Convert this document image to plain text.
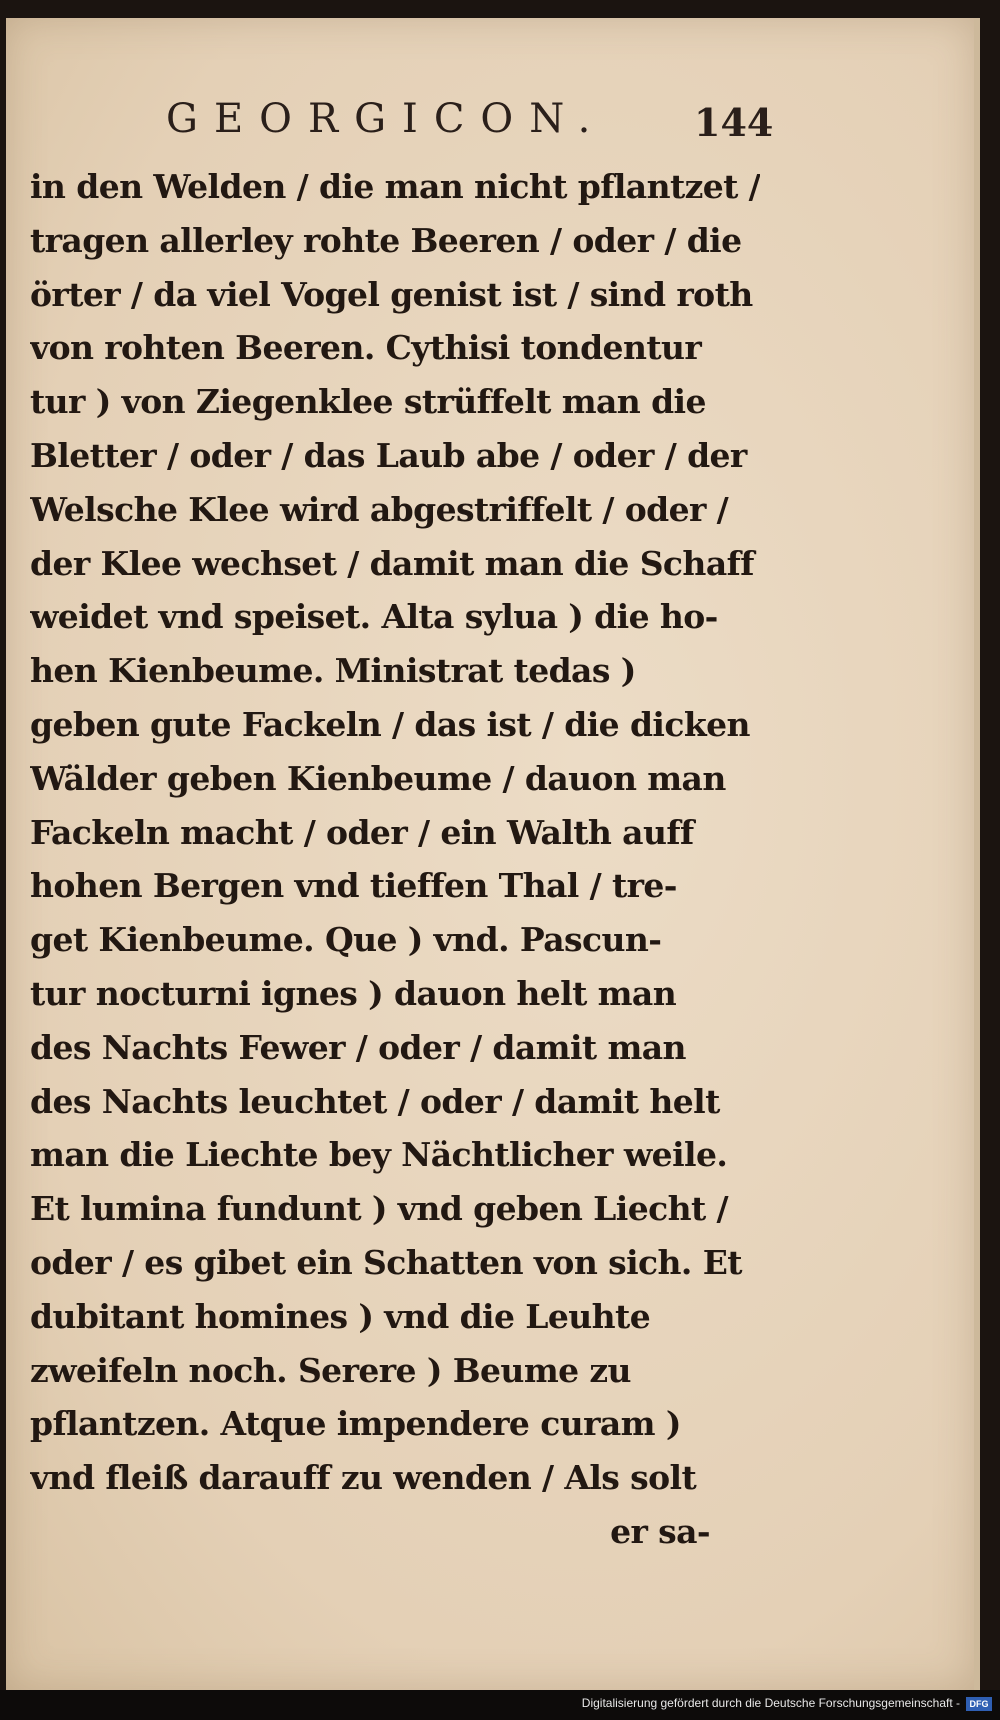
GEORGICON. 144
in den Welden / die man nicht pflantzet /
tragen allerley rohte Beeren / oder / die
örter / da viel Vogel genist ist / sind roth
von rohten Beeren. Cythisi tondentur
tur ) von Ziegenklee strüffelt man die
Bletter / oder / das Laub abe / oder / der
Welsche Klee wird abgestriffelt / oder /
der Klee wechset / damit man die Schaff
weidet vnd speiset. Alta sylua ) die ho-
hen Kienbeume. Ministrat tedas )
geben gute Fackeln / das ist / die dicken
Wälder geben Kienbeume / dauon man
Fackeln macht / oder / ein Walth auff
hohen Bergen vnd tieffen Thal / tre-
get Kienbeume. Que ) vnd. Pascun-
tur nocturni ignes ) dauon helt man
des Nachts Fewer / oder / damit man
des Nachts leuchtet / oder / damit helt
man die Liechte bey Nächtlicher weile.
Et lumina fundunt ) vnd geben Liecht /
oder / es gibet ein Schatten von sich. Et
dubitant homines ) vnd die Leuhte
zweifeln noch. Serere ) Beume zu
pflantzen. Atque impendere curam )
vnd fleiß darauff zu wenden / Als solt
er sa-
Digitalisierung gefördert durch die Deutsche Forschungsgemeinschaft -	DFG
